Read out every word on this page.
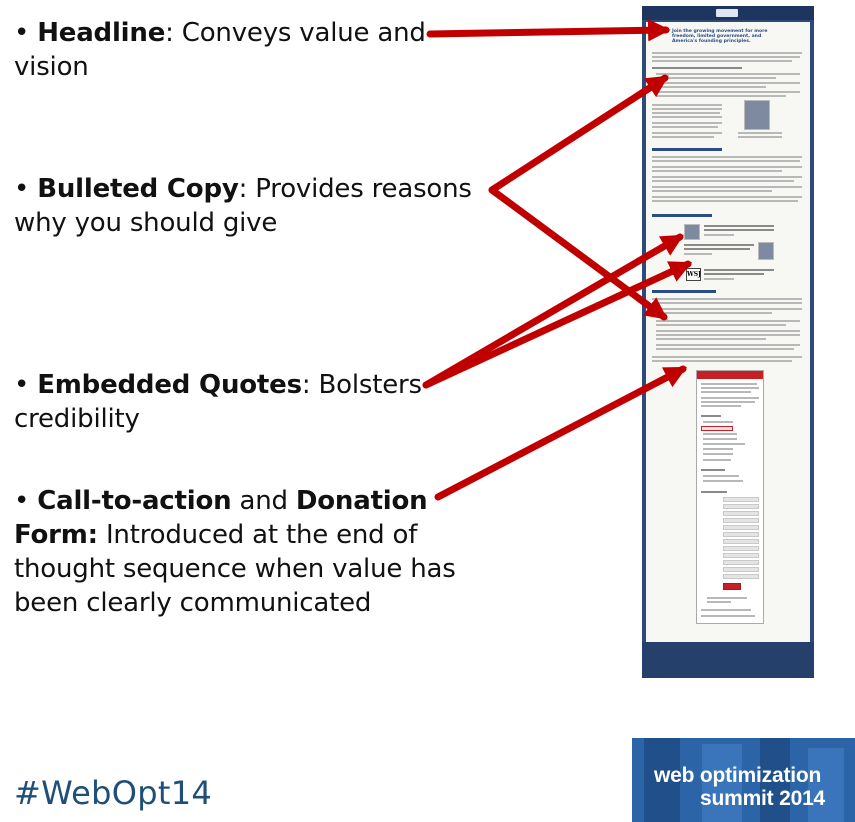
• Headline: Conveys value and vision
• Bulleted Copy: Provides reasons why you should give
• Embedded Quotes: Bolsters credibility
• Call-to-action and Donation Form: Introduced at the end of thought sequence when value has been clearly communicated
#WebOpt14
Join the growing movement for more freedom, limited government, and America's founding principles.
WSJ
web optimization
summit 2014
